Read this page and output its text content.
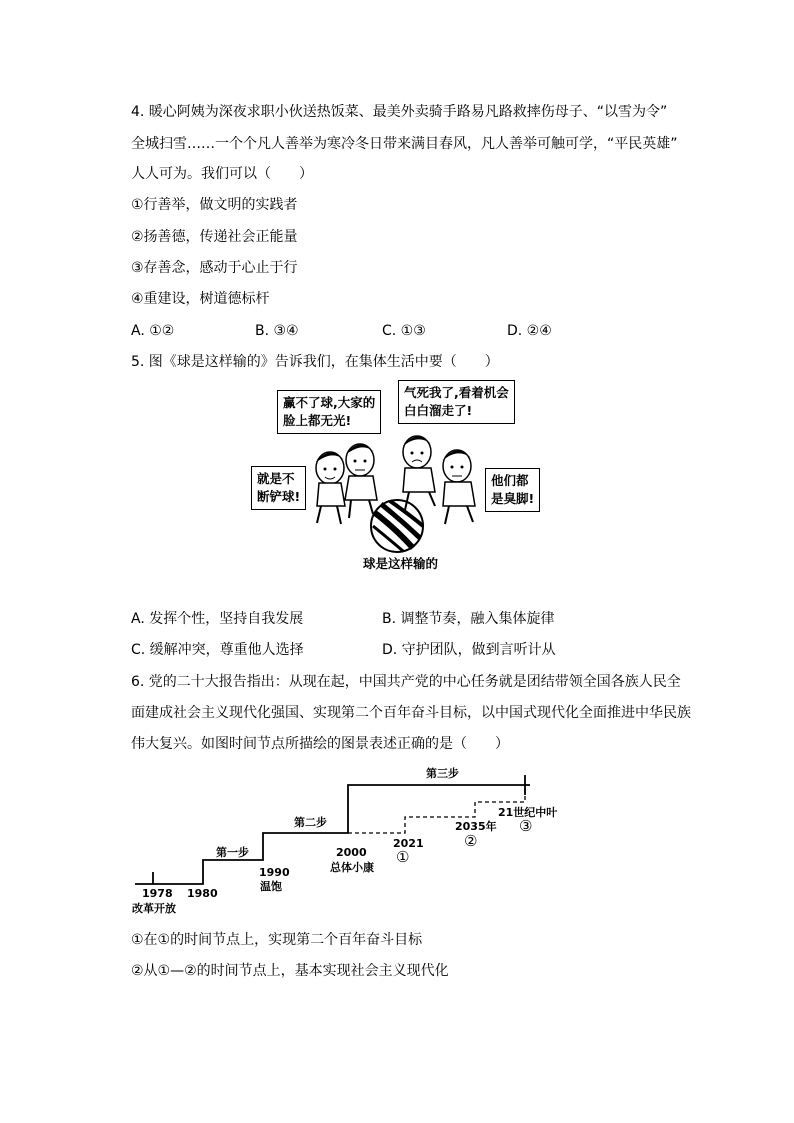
4. 暖心阿姨为深夜求职小伙送热饭菜、最美外卖骑手路易凡路救摔伤母子、“以雪为令”
全城扫雪……一个个凡人善举为寒冷冬日带来满目春风，凡人善举可触可学，“平民英雄”
人人可为。我们可以（　　）
①行善举，做文明的实践者
②扬善德，传递社会正能量
③存善念，感动于心止于行
④重建设，树道德标杆
A. ①②	B. ③④	C. ①③	D. ②④
5. 图《球是这样输的》告诉我们，在集体生活中要（　　）
赢不了球,大家的
脸上都无光!
气死我了,看着机会
白白溜走了!
就是不
断铲球!
他们都
是臭脚!
球是这样输的
A. 发挥个性，坚持自我发展	B. 调整节奏，融入集体旋律
C. 缓解冲突，尊重他人选择	D. 守护团队，做到言听计从
6. 党的二十大报告指出：从现在起，中国共产党的中心任务就是团结带领全国各族人民全
面建成社会主义现代化强国、实现第二个百年奋斗目标，以中国式现代化全面推进中华民族
伟大复兴。如图时间节点所描绘的图景表述正确的是（　　）
第三步
第二步
第一步
1978
改革开放
1980
1990
温饱
2000
总体小康
2021
①
2035年
②
21世纪中叶
③
①在①的时间节点上，实现第二个百年奋斗目标
②从①—②的时间节点上，基本实现社会主义现代化
